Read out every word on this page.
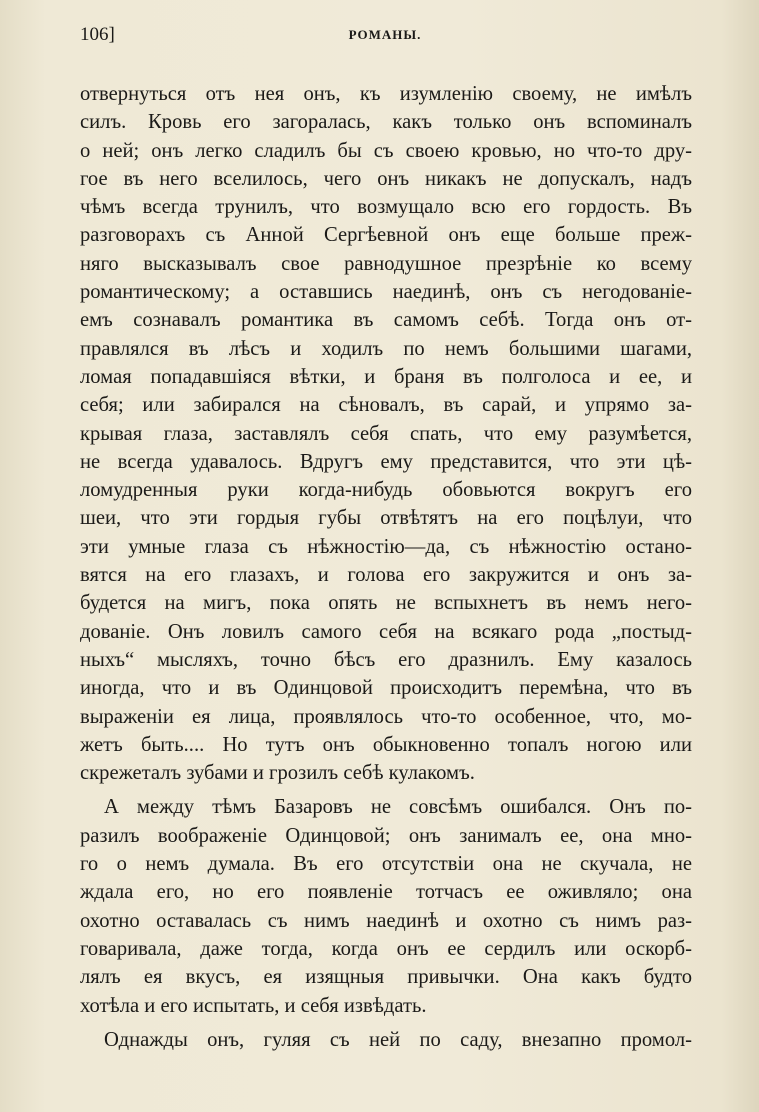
106]	РОМАНЫ.
отвернуться отъ нея онъ, къ изумленію своему, не имѣлъ
силъ. Кровь его загоралась, какъ только онъ вспоминалъ
о ней; онъ легко сладилъ бы съ своею кровью, но что-то дру-
гое въ него вселилось, чего онъ никакъ не допускалъ, надъ
чѣмъ всегда трунилъ, что возмущало всю его гордость. Въ
разговорахъ съ Анной Сергѣевной онъ еще больше преж-
няго высказывалъ свое равнодушное презрѣніе ко всему
романтическому; а оставшись наединѣ, онъ съ негодованіе-
емъ сознавалъ романтика въ самомъ себѣ. Тогда онъ от-
правлялся въ лѣсъ и ходилъ по немъ большими шагами,
ломая попадавшіяся вѣтки, и браня въ полголоса и ее, и
себя; или забирался на сѣновалъ, въ сарай, и упрямо за-
крывая глаза, заставлялъ себя спать, что ему разумѣется,
не всегда удавалось. Вдругъ ему представится, что эти цѣ-
ломудренныя руки когда-нибудь обовьются вокругъ его
шеи, что эти гордыя губы отвѣтятъ на его поцѣлуи, что
эти умные глаза съ нѣжностію—да, съ нѣжностію остано-
вятся на его глазахъ, и голова его закружится и онъ за-
будется на мигъ, пока опять не вспыхнетъ въ немъ него-
дованіе. Онъ ловилъ самого себя на всякаго рода „постыд-
ныхъ“ мысляхъ, точно бѣсъ его дразнилъ. Ему казалось
иногда, что и въ Одинцовой происходитъ перемѣна, что въ
выраженіи ея лица, проявлялось что-то особенное, что, мо-
жетъ быть.... Но тутъ онъ обыкновенно топалъ ногою или
скрежеталъ зубами и грозилъ себѣ кулакомъ.
А между тѣмъ Базаровъ не совсѣмъ ошибался. Онъ по-
разилъ воображеніе Одинцовой; онъ занималъ ее, она мно-
го о немъ думала. Въ его отсутствіи она не скучала, не
ждала его, но его появленіе тотчасъ ее оживляло; она
охотно оставалась съ нимъ наединѣ и охотно съ нимъ раз-
говаривала, даже тогда, когда онъ ее сердилъ или оскорб-
лялъ ея вкусъ, ея изящныя привычки. Она какъ будто
хотѣла и его испытать, и себя извѣдать.
Однажды онъ, гуляя съ ней по саду, внезапно промол-
